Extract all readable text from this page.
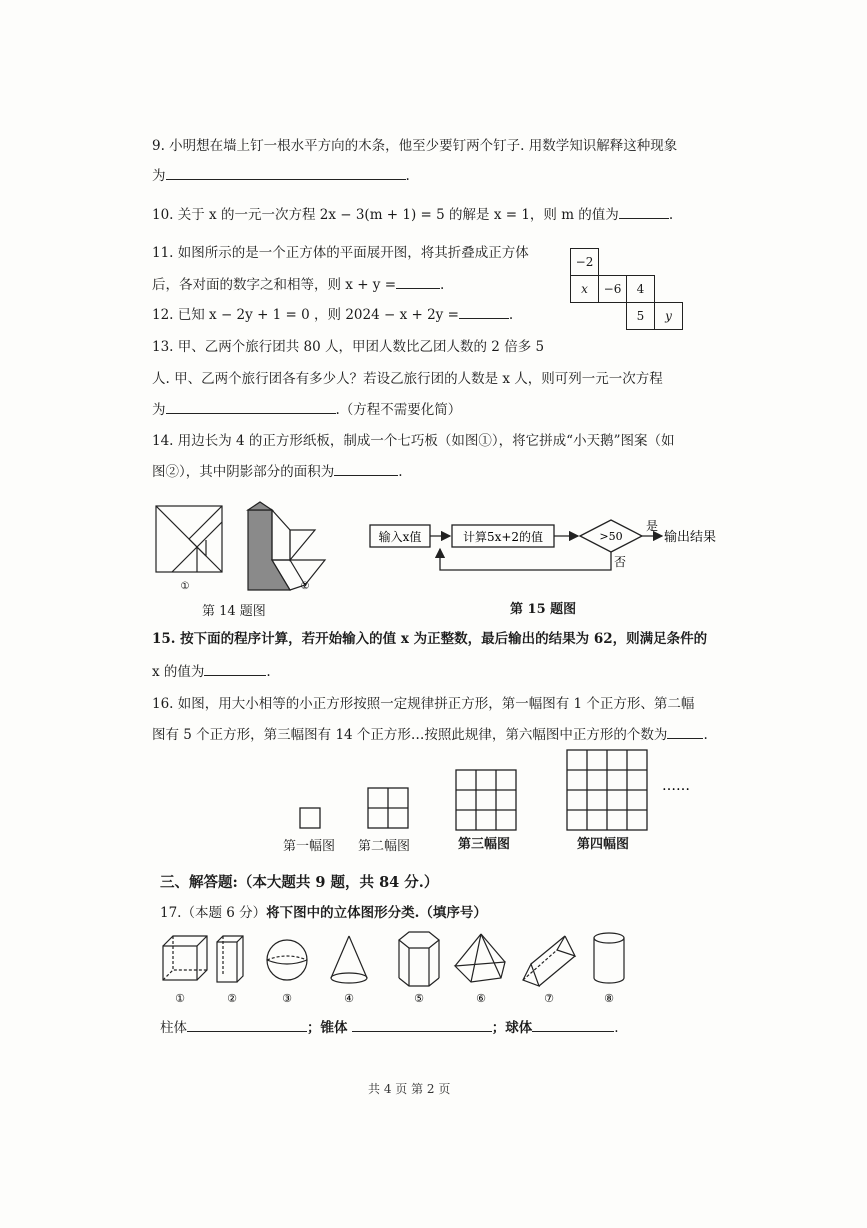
9. 小明想在墙上钉一根水平方向的木条，他至少要钉两个钉子. 用数学知识解释这种现象
为	.
10. 关于 x 的一元一次方程 2x − 3(m + 1) = 5 的解是 x = 1，则 m 的值为	.
11. 如图所示的是一个正方体的平面展开图，将其折叠成正方体
后，各对面的数字之和相等，则 x + y =	.
−2			
x	−6	4	
		5	y
12. 已知 x − 2y + 1 = 0 ，则 2024 − x + 2y =	.
13. 甲、乙两个旅行团共 80 人，甲团人数比乙团人数的 2 倍多 5
人. 甲、乙两个旅行团各有多少人？若设乙旅行团的人数是 x 人，则可列一元一次方程
为	.（方程不需要化简）
14. 用边长为 4 的正方形纸板，制成一个七巧板（如图①），将它拼成“小天鹅”图案（如
图②），其中阴影部分的面积为	.
①	②
第 14 题图
输入x值	计算5x+2的值	>50
是
否
输出结果
第 15 题图
15. 按下面的程序计算，若开始输入的值 x 为正整数，最后输出的结果为 62，则满足条件的
x 的值为	.
16. 如图，用大小相等的小正方形按照一定规律拼正方形，第一幅图有 1 个正方形、第二幅
图有 5 个正方形，第三幅图有 14 个正方形…按照此规律，第六幅图中正方形的个数为	.
……
第一幅图 第二幅图	第三幅图	第四幅图
三、解答题:（本大题共 9 题，共 84 分.）
17.（本题 6 分）将下图中的立体图形分类.（填序号）
①	②	③	④	⑤	⑥	⑦	⑧
柱体	；锥体	；球体	.
共 4 页 第 2 页
